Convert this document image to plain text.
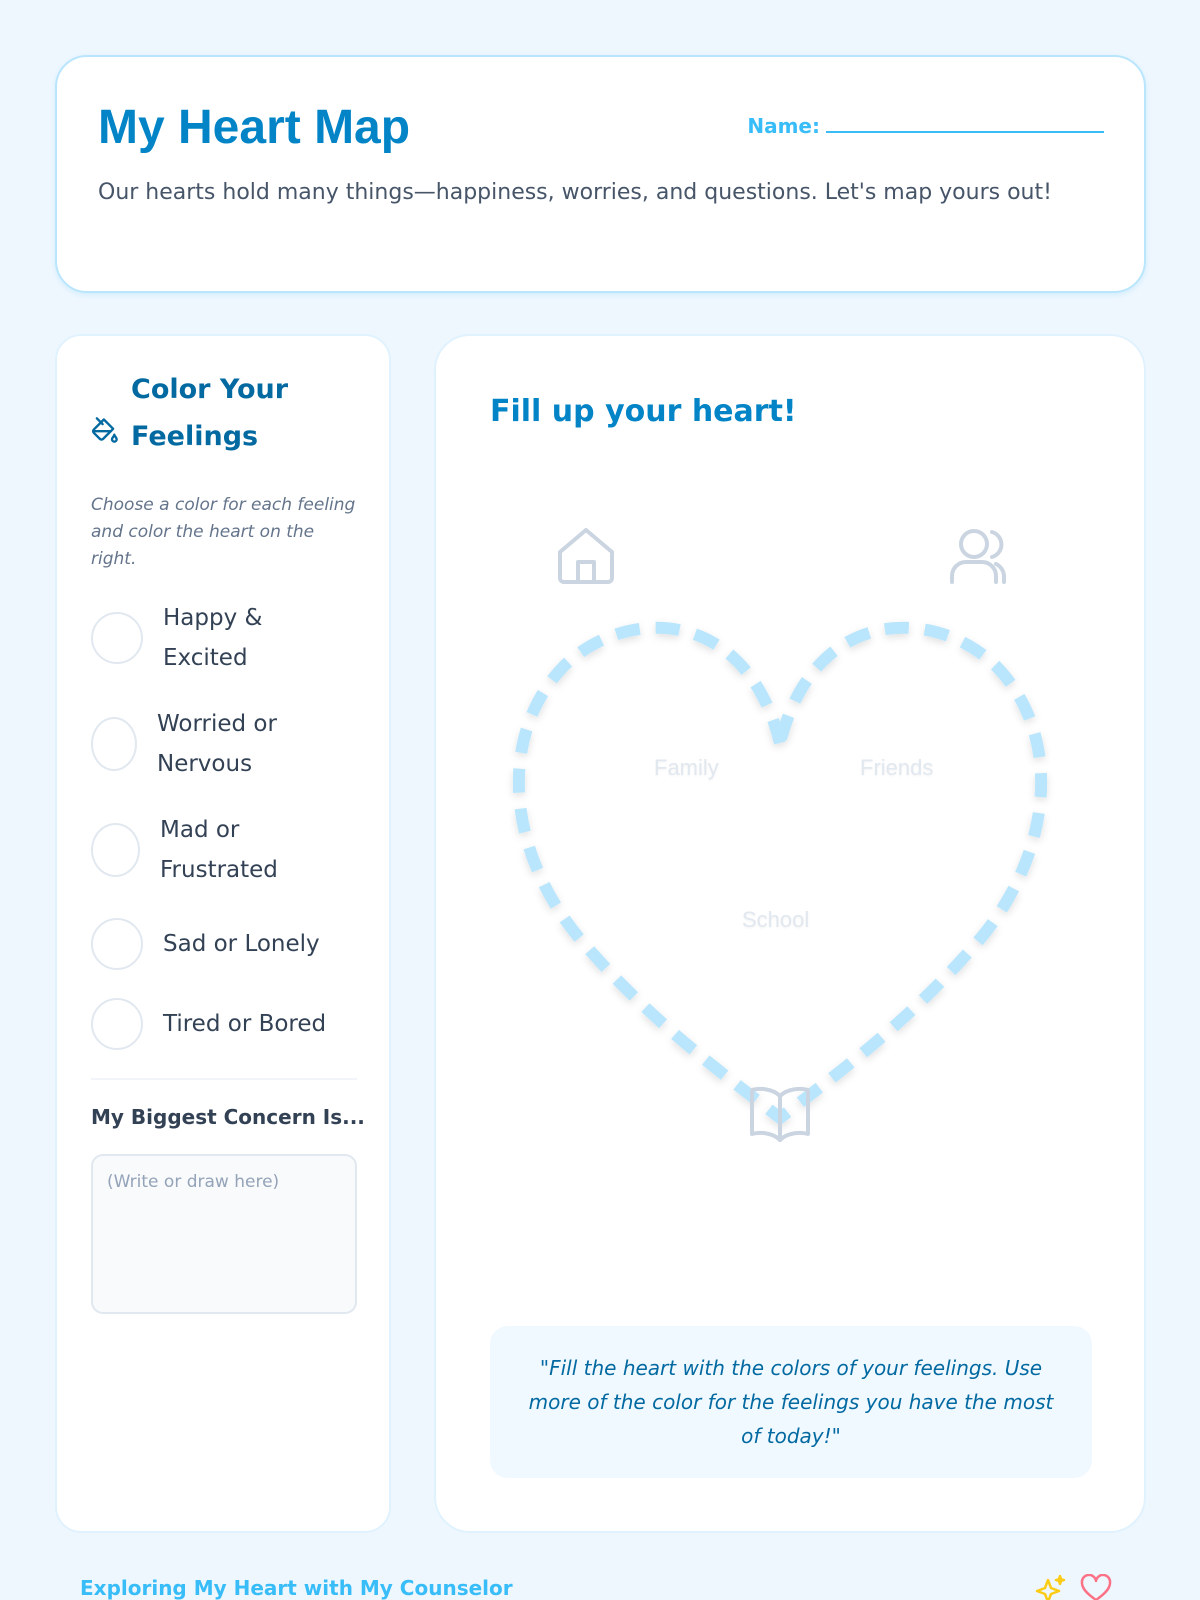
My Heart Map	Name:

Our hearts hold many things—happiness, worries, and questions. Let's map yours out!

Color Your Feelings

Choose a color for each feeling and color the heart on the right.

Happy & Excited
Worried or Nervous
Mad or Frustrated
Sad or Lonely
Tired or Bored
My Biggest Concern Is...
(Write or draw here)
Fill up your heart!
Family	Friends
School
"Fill the heart with the colors of your feelings. Use more of the color for the feelings you have the most of today!"
Exploring My Heart with My Counselor
